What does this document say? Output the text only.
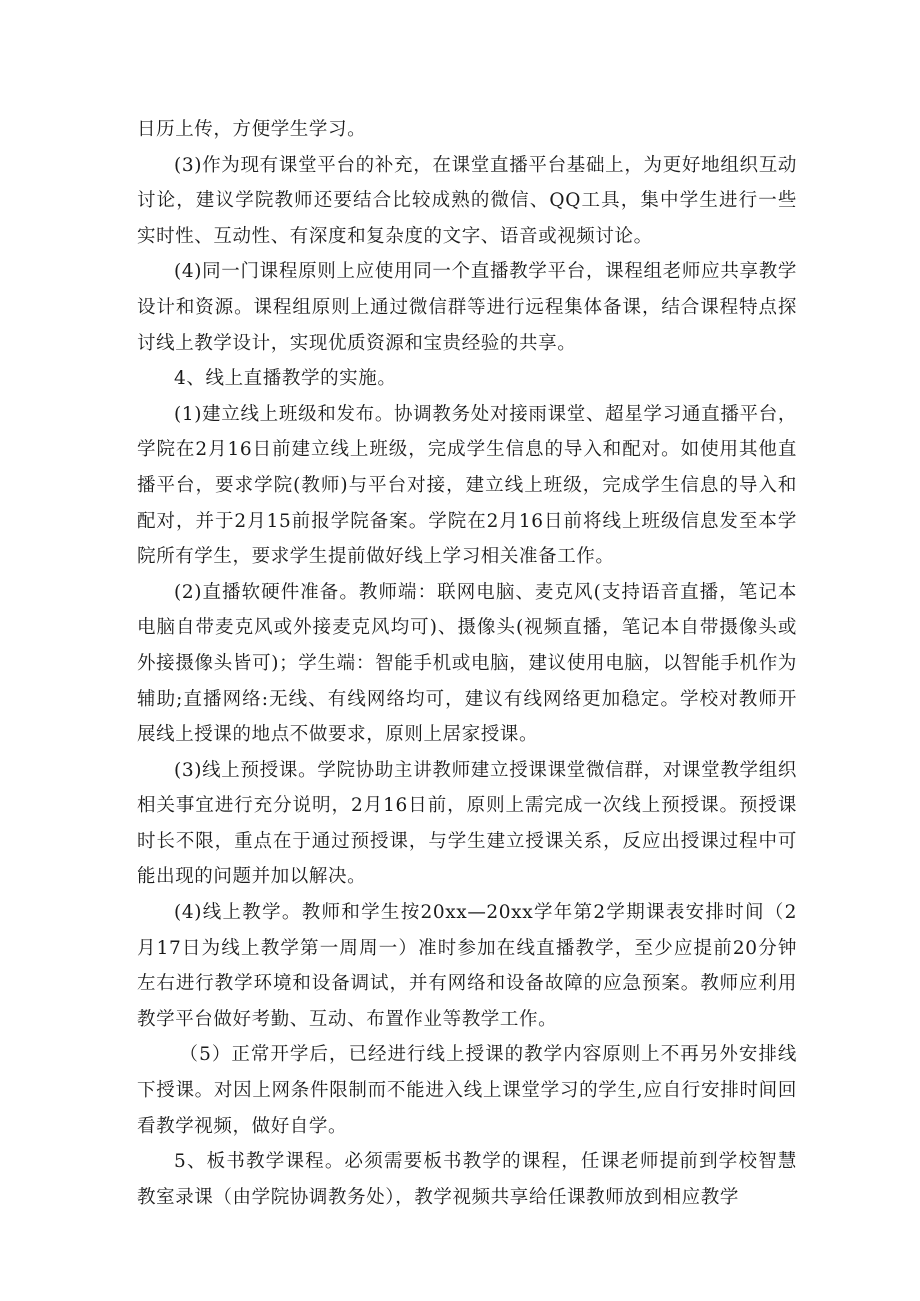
日历上传，方便学生学习。

(3)作为现有课堂平台的补充，在课堂直播平台基础上，为更好地组织互动讨论，建议学院教师还要结合比较成熟的微信、QQ工具，集中学生进行一些实时性、互动性、有深度和复杂度的文字、语音或视频讨论。

(4)同一门课程原则上应使用同一个直播教学平台，课程组老师应共享教学设计和资源。课程组原则上通过微信群等进行远程集体备课，结合课程特点探讨线上教学设计，实现优质资源和宝贵经验的共享。

4、线上直播教学的实施。

(1)建立线上班级和发布。协调教务处对接雨课堂、超星学习通直播平台，学院在2月16日前建立线上班级，完成学生信息的导入和配对。如使用其他直播平台，要求学院(教师)与平台对接，建立线上班级，完成学生信息的导入和配对，并于2月15前报学院备案。学院在2月16日前将线上班级信息发至本学院所有学生，要求学生提前做好线上学习相关准备工作。

(2)直播软硬件准备。教师端：联网电脑、麦克风(支持语音直播，笔记本电脑自带麦克风或外接麦克风均可)、摄像头(视频直播，笔记本自带摄像头或外接摄像头皆可)；学生端：智能手机或电脑，建议使用电脑，以智能手机作为辅助;直播网络:无线、有线网络均可，建议有线网络更加稳定。学校对教师开展线上授课的地点不做要求，原则上居家授课。

(3)线上预授课。学院协助主讲教师建立授课课堂微信群，对课堂教学组织相关事宜进行充分说明，2月16日前，原则上需完成一次线上预授课。预授课时长不限，重点在于通过预授课，与学生建立授课关系，反应出授课过程中可能出现的问题并加以解决。

(4)线上教学。教师和学生按20xx—20xx学年第2学期课表安排时间（2月17日为线上教学第一周周一）准时参加在线直播教学，至少应提前20分钟左右进行教学环境和设备调试，并有网络和设备故障的应急预案。教师应利用教学平台做好考勤、互动、布置作业等教学工作。

（5）正常开学后，已经进行线上授课的教学内容原则上不再另外安排线下授课。对因上网条件限制而不能进入线上课堂学习的学生,应自行安排时间回看教学视频，做好自学。

5、板书教学课程。必须需要板书教学的课程，任课老师提前到学校智慧教室录课（由学院协调教务处），教学视频共享给任课教师放到相应教学
